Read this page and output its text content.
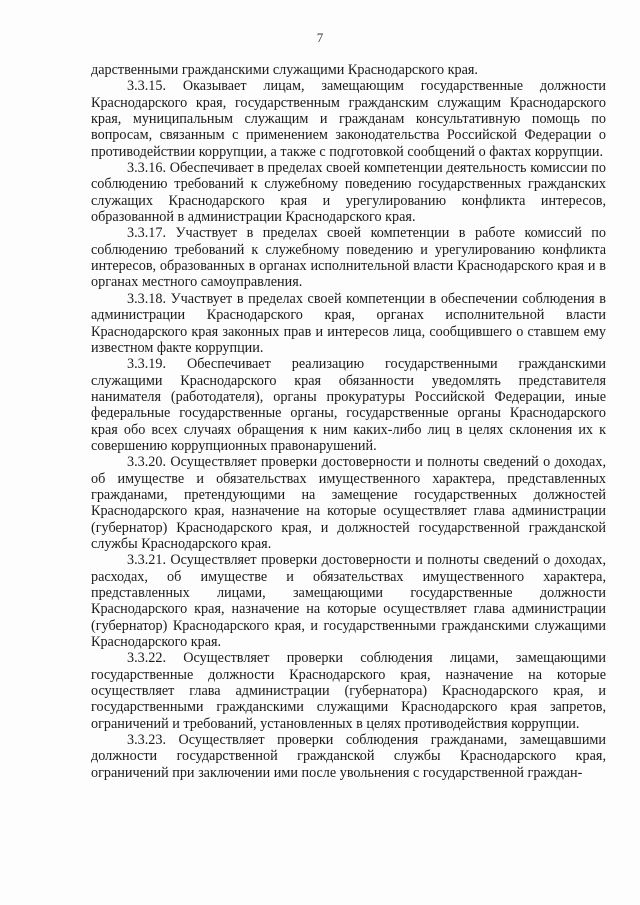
7

дарственными гражданскими служащими Краснодарского края.

3.3.15. Оказывает лицам, замещающим государственные должности Краснодарского края, государственным гражданским служащим Краснодарского края, муниципальным служащим и гражданам консультативную помощь по вопросам, связанным с применением законодательства Российской Федерации о противодействии коррупции, а также с подготовкой сообщений о фактах коррупции.

3.3.16. Обеспечивает в пределах своей компетенции деятельность комиссии по соблюдению требований к служебному поведению государственных гражданских служащих Краснодарского края и урегулированию конфликта интересов, образованной в администрации Краснодарского края.

3.3.17. Участвует в пределах своей компетенции в работе комиссий по соблюдению требований к служебному поведению и урегулированию конфликта интересов, образованных в органах исполнительной власти Краснодарского края и в органах местного самоуправления.

3.3.18. Участвует в пределах своей компетенции в обеспечении соблюдения в администрации Краснодарского края, органах исполнительной власти Краснодарского края законных прав и интересов лица, сообщившего о ставшем ему известном факте коррупции.

3.3.19. Обеспечивает реализацию государственными гражданскими служащими Краснодарского края обязанности уведомлять представителя нанимателя (работодателя), органы прокуратуры Российской Федерации, иные федеральные государственные органы, государственные органы Краснодарского края обо всех случаях обращения к ним каких-либо лиц в целях склонения их к совершению коррупционных правонарушений.

3.3.20. Осуществляет проверки достоверности и полноты сведений о доходах, об имуществе и обязательствах имущественного характера, представленных гражданами, претендующими на замещение государственных должностей Краснодарского края, назначение на которые осуществляет глава администрации (губернатор) Краснодарского края, и должностей государственной гражданской службы Краснодарского края.

3.3.21. Осуществляет проверки достоверности и полноты сведений о доходах, расходах, об имуществе и обязательствах имущественного характера, представленных лицами, замещающими государственные должности Краснодарского края, назначение на которые осуществляет глава администрации (губернатор) Краснодарского края, и государственными гражданскими служащими Краснодарского края.

3.3.22. Осуществляет проверки соблюдения лицами, замещающими государственные должности Краснодарского края, назначение на которые осуществляет глава администрации (губернатора) Краснодарского края, и государственными гражданскими служащими Краснодарского края запретов, ограничений и требований, установленных в целях противодействия коррупции.

3.3.23. Осуществляет проверки соблюдения гражданами, замещавшими должности государственной гражданской службы Краснодарского края, ограничений при заключении ими после увольнения с государственной граждан-
